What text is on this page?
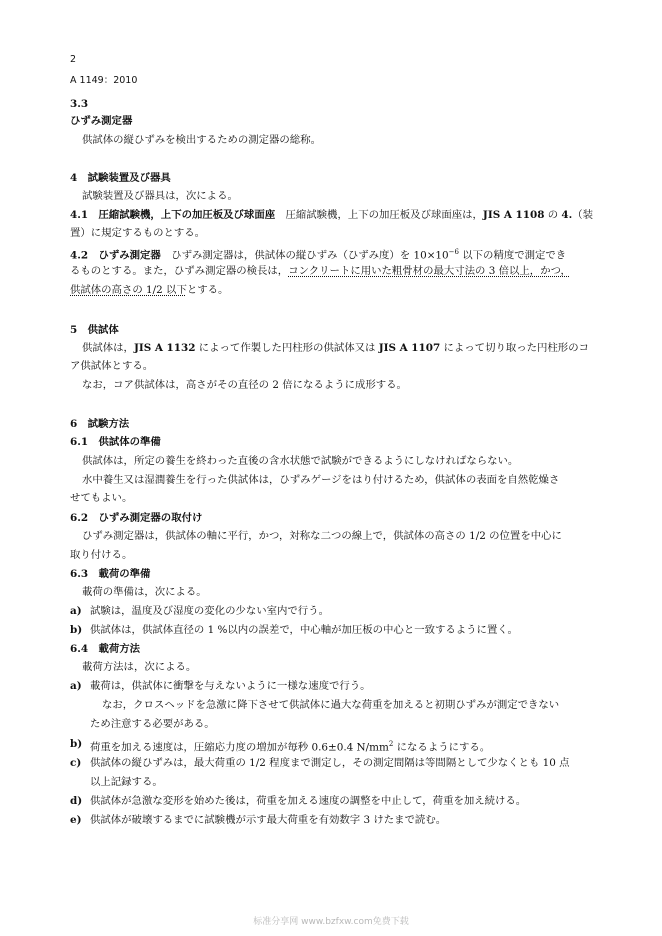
2
A 1149：2010
3.3
ひずみ測定器
供試体の縦ひずみを検出するための測定器の総称。
4　試験装置及び器具
試験装置及び器具は，次による。
4.1　圧縮試験機，上下の加圧板及び球面座　圧縮試験機，上下の加圧板及び球面座は，JIS A 1108 の 4.（装
置）に規定するものとする。
4.2　ひずみ測定器　ひずみ測定器は，供試体の縦ひずみ（ひずみ度）を $10\times 10^{-6}$ 以下の精度で測定でき
るものとする。また，ひずみ測定器の検長は，コンクリートに用いた粗骨材の最大寸法の 3 倍以上，かつ，
供試体の高さの 1/2 以下とする。
5　供試体
供試体は，JIS A 1132 によって作製した円柱形の供試体又は JIS A 1107 によって切り取った円柱形のコ
ア供試体とする。
なお，コア供試体は，高さがその直径の 2 倍になるように成形する。
6　試験方法
6.1　供試体の準備
供試体は，所定の養生を終わった直後の含水状態で試験ができるようにしなければならない。
水中養生又は湿潤養生を行った供試体は，ひずみゲージをはり付けるため，供試体の表面を自然乾燥さ
せてもよい。
6.2　ひずみ測定器の取付け
ひずみ測定器は，供試体の軸に平行，かつ，対称な二つの線上で，供試体の高さの 1/2 の位置を中心に
取り付ける。
6.3　載荷の準備
載荷の準備は，次による。
a) 試験は，温度及び湿度の変化の少ない室内で行う。
b) 供試体は，供試体直径の 1 %以内の誤差で，中心軸が加圧板の中心と一致するように置く。
6.4　載荷方法
載荷方法は，次による。
a) 載荷は，供試体に衝撃を与えないように一様な速度で行う。
なお，クロスヘッドを急激に降下させて供試体に過大な荷重を加えると初期ひずみが測定できない
ため注意する必要がある。
b) 荷重を加える速度は，圧縮応力度の増加が毎秒 0.6±0.4 $N/mm^2$ になるようにする。
c) 供試体の縦ひずみは，最大荷重の 1/2 程度まで測定し，その測定間隔は等間隔として少なくとも 10 点
以上記録する。
d) 供試体が急激な変形を始めた後は，荷重を加える速度の調整を中止して，荷重を加え続ける。
e) 供試体が破壊するまでに試験機が示す最大荷重を有効数字 3 けたまで読む。
标准分享网 www.bzfxw.com免费下载
